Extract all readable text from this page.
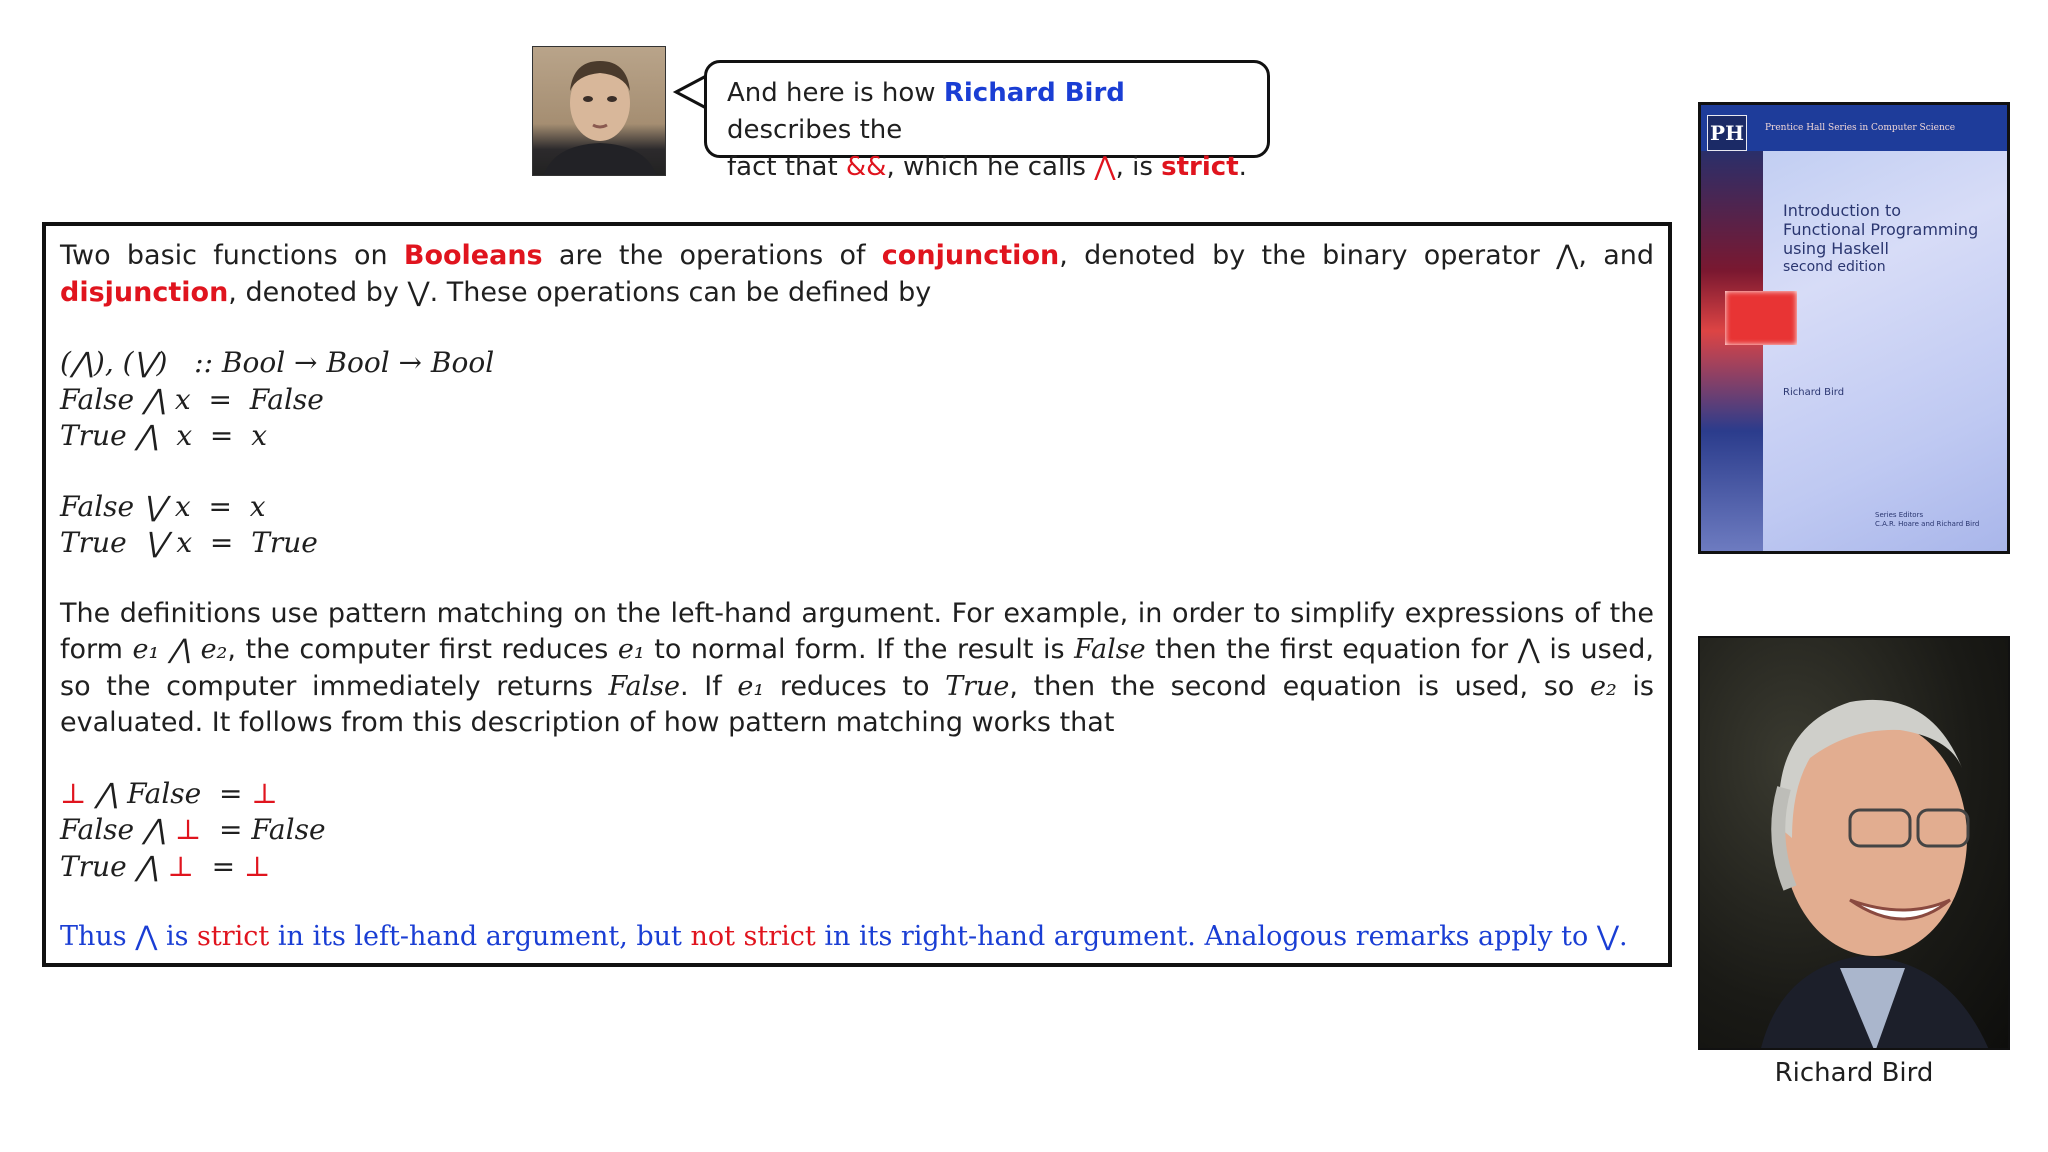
And here is how Richard Bird describes the
fact that &&, which he calls ⋀, is strict.

Two basic functions on Booleans are the operations of conjunction, denoted by the binary operator ⋀, and disjunction, denoted by ⋁. These operations can be defined by

(⋀), (⋁)   :: Bool → Bool → Bool
False ⋀ x  =  False
True ⋀  x  =  x
False ⋁ x  =  x
True  ⋁ x  =  True

The definitions use pattern matching on the left-hand argument. For example, in order to simplify expressions of the form e₁ ⋀ e₂, the computer first reduces e₁ to normal form. If the result is False then the first equation for ⋀ is used, so the computer immediately returns False. If e₁ reduces to True, then the second equation is used, so e₂ is evaluated. It follows from this description of how pattern matching works that

⊥ ⋀ False  = ⊥
False ⋀ ⊥  = False
True ⋀ ⊥  = ⊥
Thus ⋀ is strict in its left-hand argument, but not strict in its right-hand argument. Analogous remarks apply to ⋁.
PH	Prentice Hall Series in Computer Science
Introduction to
Functional Programming
using Haskell
second edition
Richard Bird
Series Editors
C.A.R. Hoare and Richard Bird
Richard Bird
